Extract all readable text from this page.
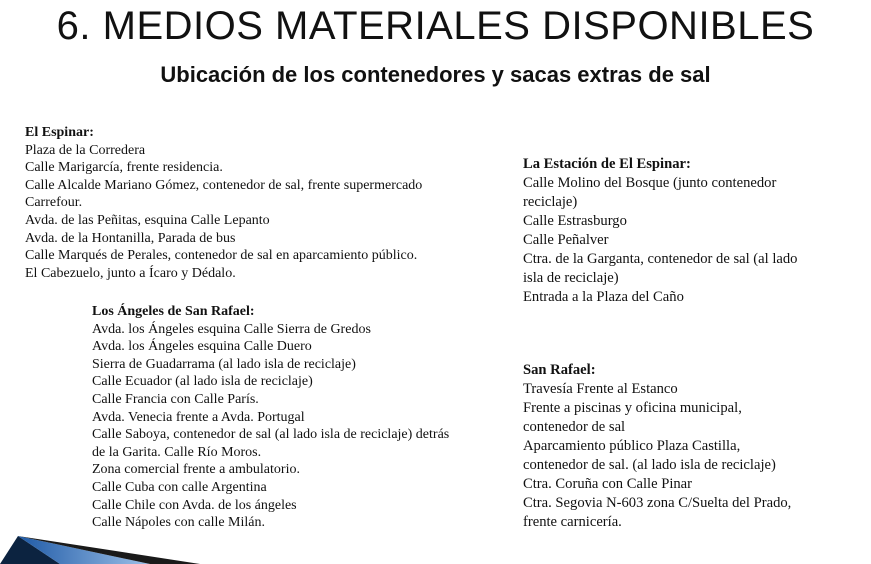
6. MEDIOS MATERIALES DISPONIBLES
Ubicación de los contenedores y sacas extras de sal
El Espinar:
Plaza de la Corredera
Calle Marigarcía, frente residencia.
Calle Alcalde Mariano Gómez, contenedor de sal, frente supermercado
Carrefour.
Avda. de las Peñitas, esquina Calle Lepanto
Avda. de la Hontanilla, Parada de bus
Calle Marqués de Perales, contenedor de sal en aparcamiento público.
El Cabezuelo, junto a Ícaro y Dédalo.
Los Ángeles de San Rafael:
Avda. los Ángeles esquina Calle Sierra de Gredos
Avda. los Ángeles esquina Calle Duero
Sierra de Guadarrama (al lado isla de reciclaje)
Calle Ecuador (al lado isla de reciclaje)
Calle Francia con Calle París.
Avda. Venecia frente a Avda. Portugal
Calle Saboya, contenedor de sal (al lado isla de reciclaje) detrás
de la Garita. Calle Río Moros.
Zona comercial frente a ambulatorio.
Calle Cuba con calle Argentina
Calle Chile con Avda. de los ángeles
Calle Nápoles con calle Milán.
La Estación de El Espinar:
Calle Molino del Bosque (junto contenedor
reciclaje)
Calle Estrasburgo
Calle Peñalver
Ctra. de la Garganta, contenedor de sal (al lado
isla de reciclaje)
Entrada a la Plaza del Caño
San Rafael:
Travesía Frente al Estanco
Frente a piscinas y oficina municipal,
contenedor de sal
Aparcamiento público Plaza Castilla,
contenedor de sal. (al lado isla de reciclaje)
Ctra. Coruña con Calle Pinar
Ctra. Segovia N-603 zona C/Suelta del Prado,
frente carnicería.
